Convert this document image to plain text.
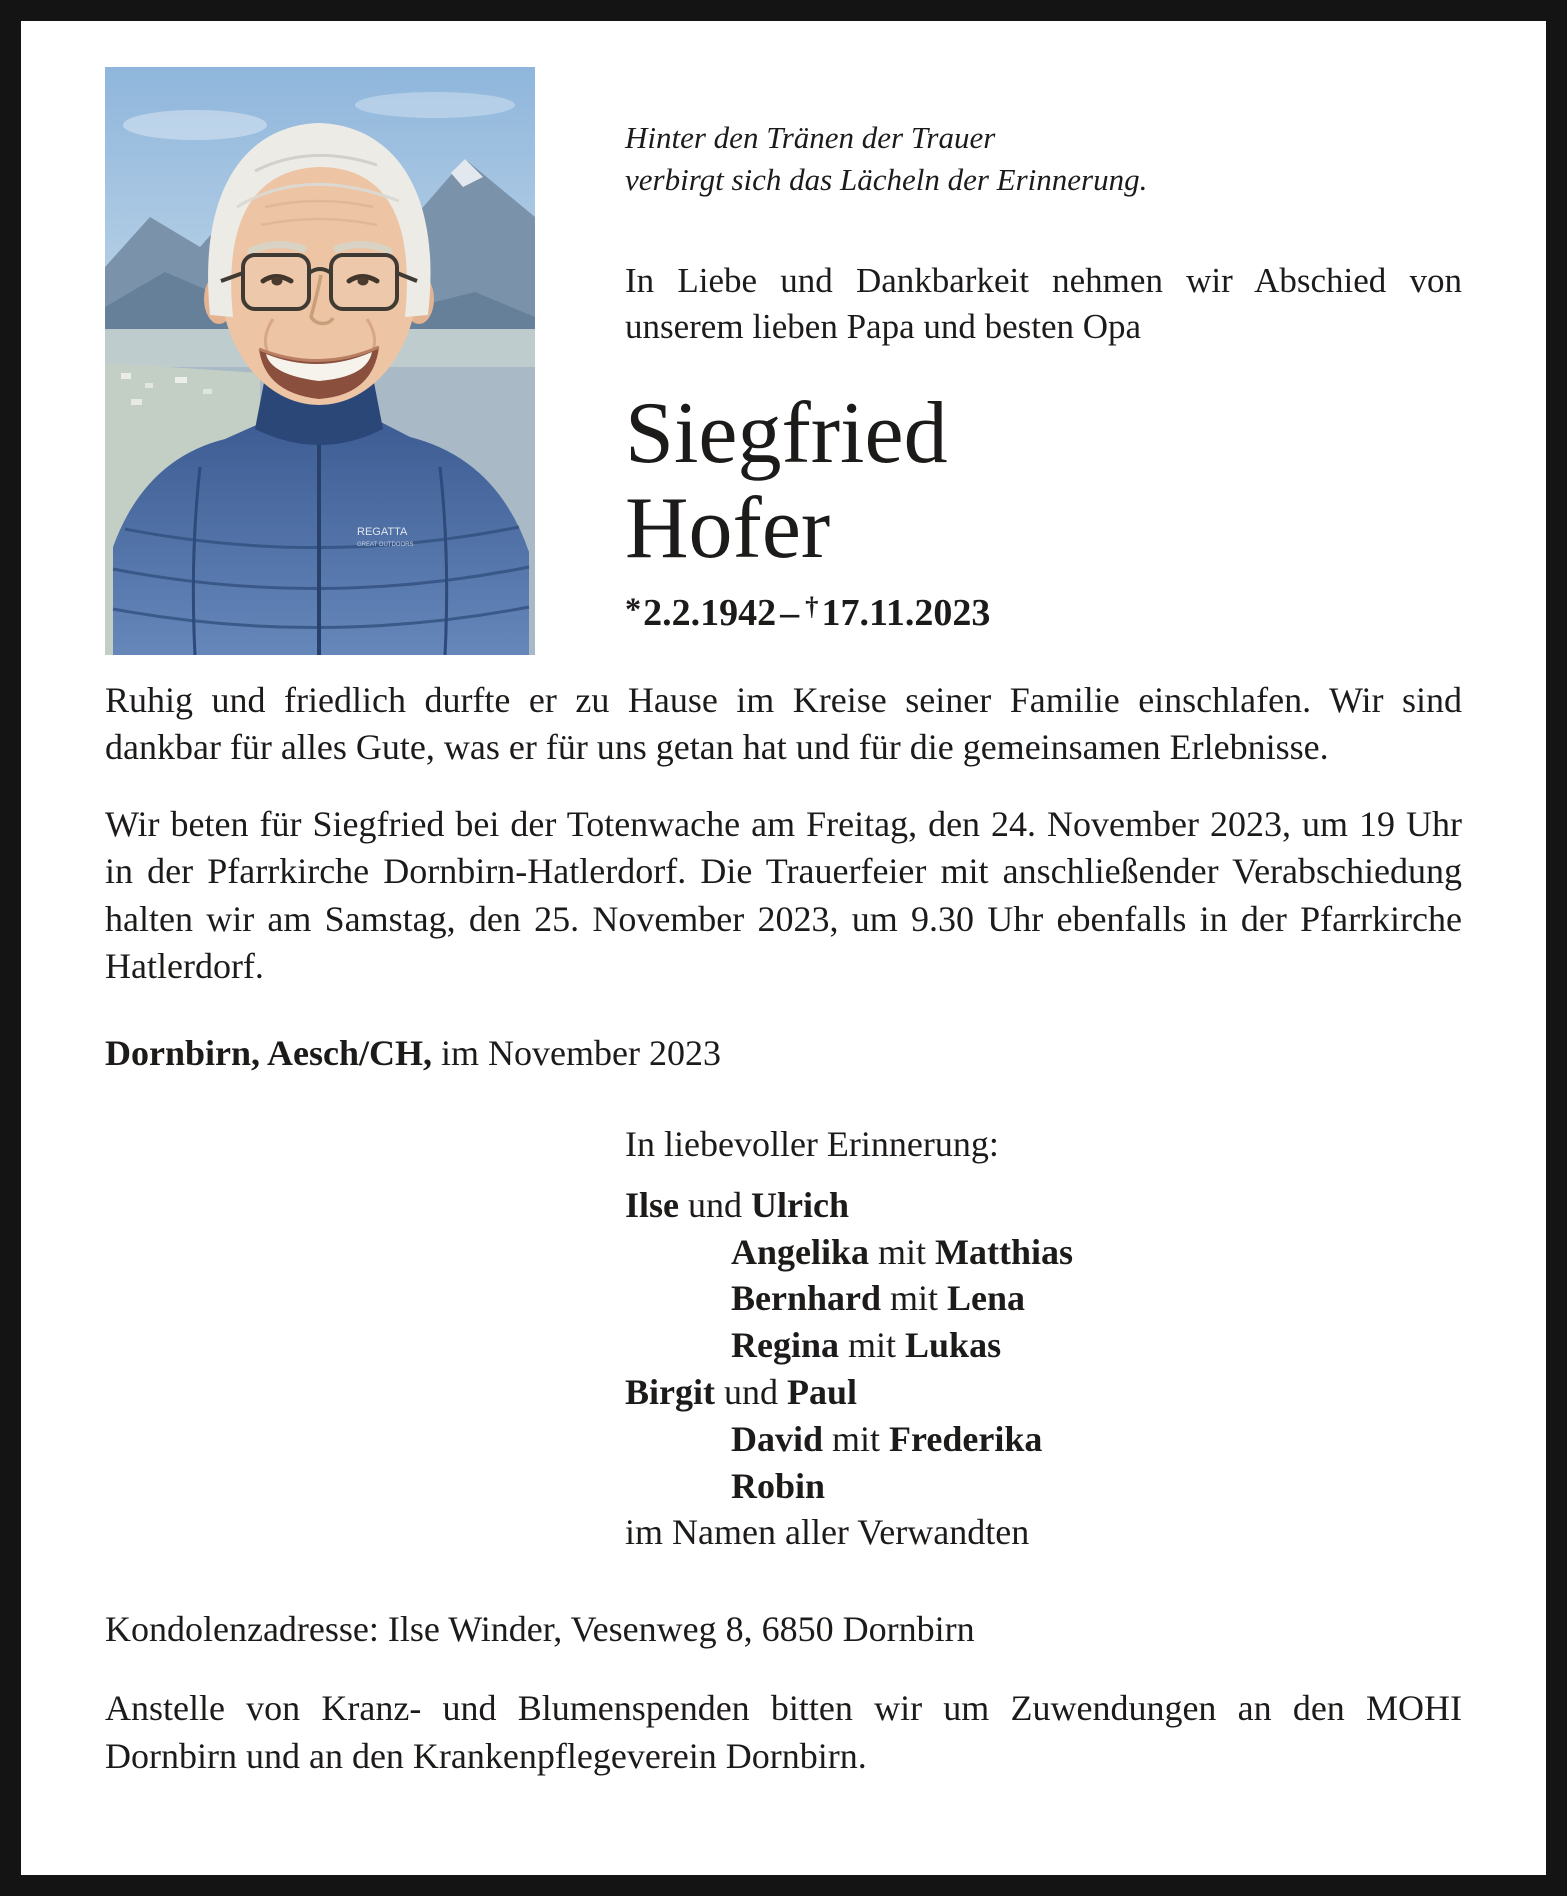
REGATTA
GREAT OUTDOORS

Hinter den Tränen der Trauer
verbirgt sich das Lächeln der Erinnerung.

In Liebe und Dankbarkeit nehmen wir Abschied von unserem lieben Papa und besten Opa

Siegfried
Hofer

*2.2.1942 – †17.11.2023

Ruhig und friedlich durfte er zu Hause im Kreise seiner Familie einschlafen. Wir sind dankbar für alles Gute, was er für uns getan hat und für die gemeinsamen Erlebnisse.

Wir beten für Siegfried bei der Totenwache am Freitag, den 24. November 2023, um 19 Uhr in der Pfarrkirche Dornbirn-Hatlerdorf. Die Trauerfeier mit anschließender Verabschiedung halten wir am Samstag, den 25. November 2023, um 9.30 Uhr ebenfalls in der Pfarrkirche Hatlerdorf.

Dornbirn, Aesch/CH, im November 2023

In liebevoller Erinnerung:

Ilse und Ulrich

Angelika mit Matthias

Bernhard mit Lena

Regina mit Lukas

Birgit und Paul

David mit Frederika

Robin

im Namen aller Verwandten

Kondolenzadresse: Ilse Winder, Vesenweg 8, 6850 Dornbirn

Anstelle von Kranz- und Blumenspenden bitten wir um Zuwendungen an den MOHI Dornbirn und an den Krankenpflegeverein Dornbirn.
